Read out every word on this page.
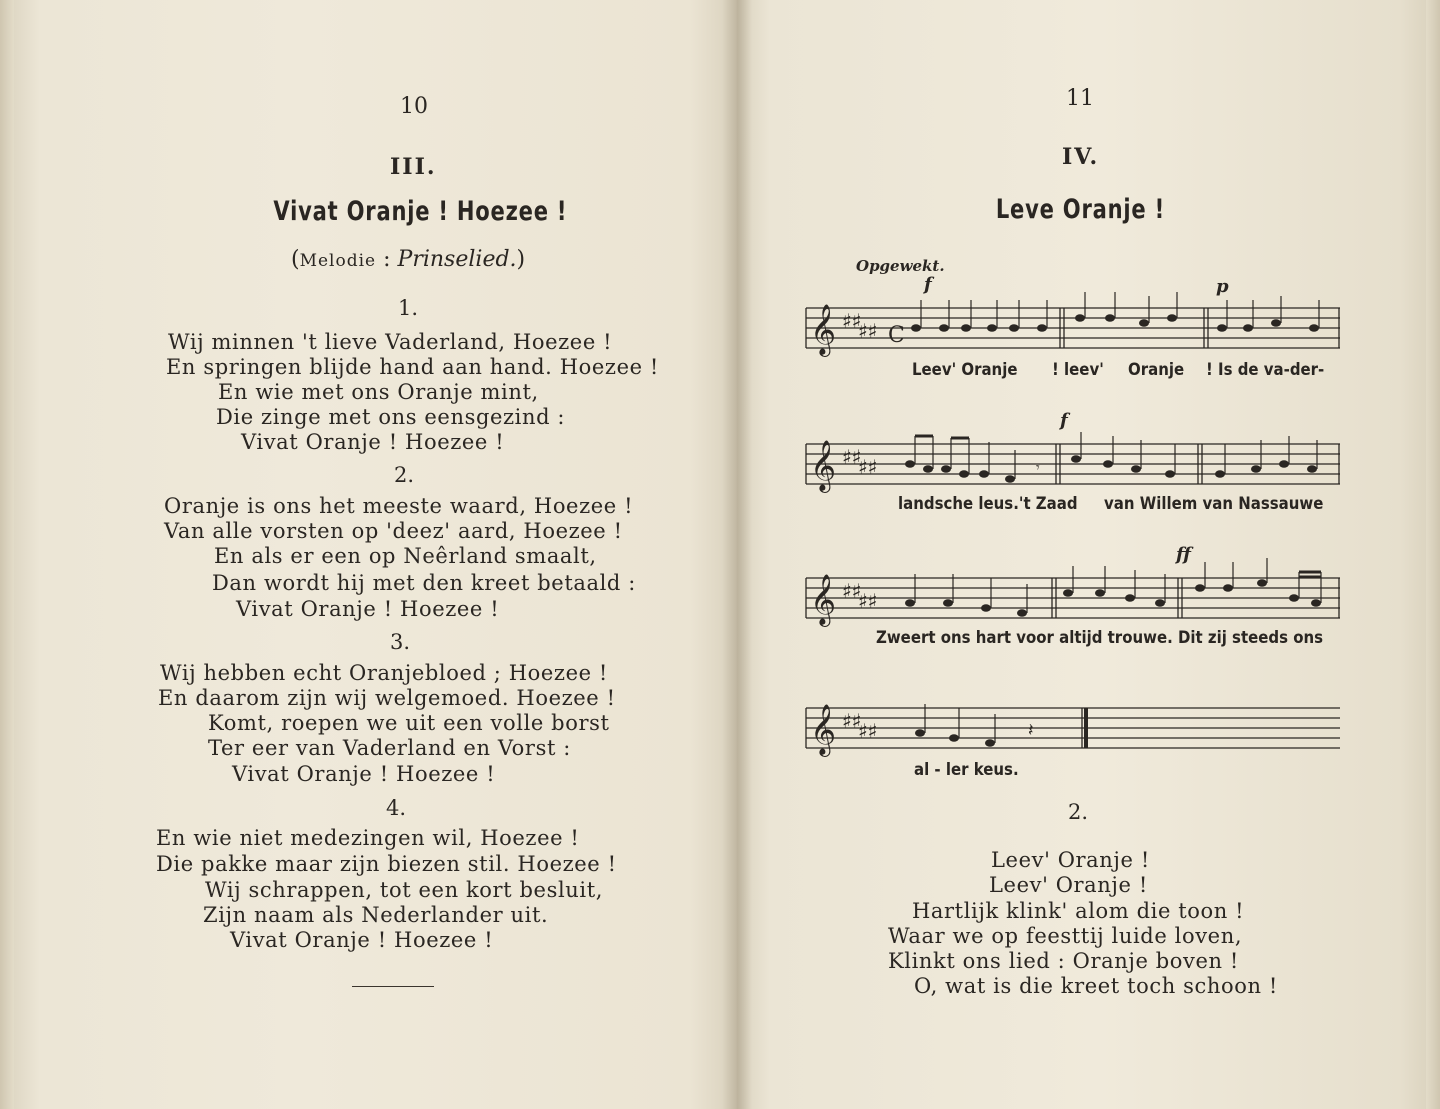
10
III.
Vivat Oranje ! Hoezee !
(Melodie : Prinselied.)
1.
Wij minnen 't lieve Vaderland, Hoezee !
En springen blijde hand aan hand. Hoezee !
En wie met ons Oranje mint,
Die zinge met ons eensgezind :
Vivat Oranje ! Hoezee !
2.
Oranje is ons het meeste waard, Hoezee !
Van alle vorsten op 'deez' aard, Hoezee !
En als er een op Neêrland smaalt,
Dan wordt hij met den kreet betaald :
Vivat Oranje ! Hoezee !
3.
Wij hebben echt Oranjebloed ; Hoezee !
En daarom zijn wij welgemoed. Hoezee !
Komt, roepen we uit een volle borst
Ter eer van Vaderland en Vorst :
Vivat Oranje ! Hoezee !
4.
En wie niet medezingen wil, Hoezee !
Die pakke maar zijn biezen stil. Hoezee !
Wij schrappen, tot een kort besluit,
Zijn naam als Nederlander uit.
Vivat Oranje ! Hoezee !
11
IV.
Leve Oranje !
Opgewekt.
f	p
𝄞 ♯♯
♯♯ C
Leev' Oranje ! leev' Oranje ! Is de va-der-
f
𝄞 ♯♯
♯♯	𝄾
landsche leus.'t Zaad van Willem van Nassauwe
ff
𝄞 ♯♯
♯♯
Zweert ons hart voor altijd trouwe. Dit zij steeds ons
𝄞 ♯♯
♯♯	𝄽
al - ler keus.
2.
Leev' Oranje !
Leev' Oranje !
Hartlijk klink' alom die toon !
Waar we op feesttij luide loven,
Klinkt ons lied : Oranje boven !
O, wat is die kreet toch schoon !
